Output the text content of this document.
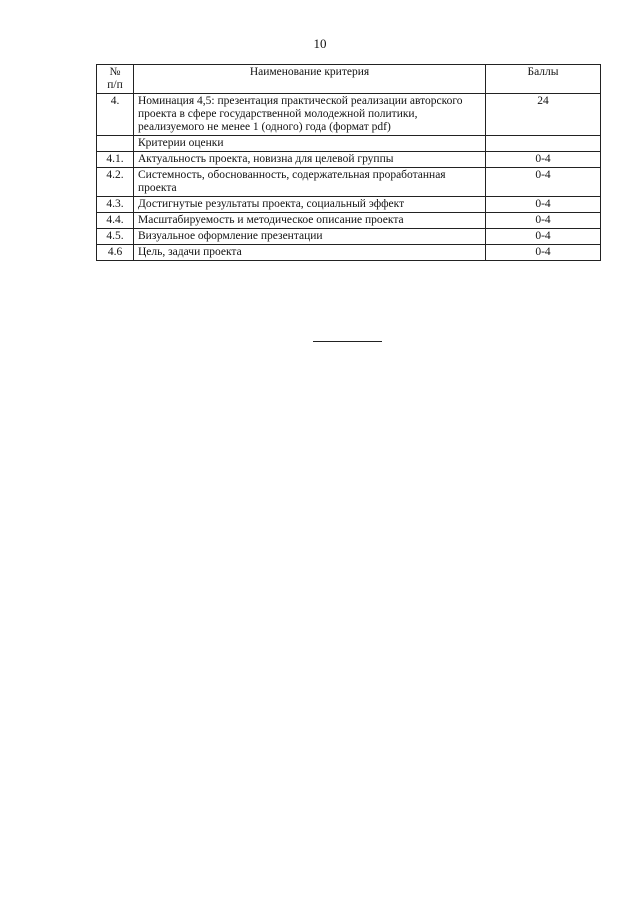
10
№
п/п	Наименование критерия	Баллы
4.	Номинация 4,5: презентация практической реализации авторского проекта в сфере государственной молодежной политики, реализуемого не менее 1 (одного) года (формат pdf)	24
	Критерии оценки	
4.1.	Актуальность проекта, новизна для целевой группы	0-4
4.2.	Системность, обоснованность, содержательная проработанная проекта	0-4
4.3.	Достигнутые результаты проекта, социальный эффект	0-4
4.4.	Масштабируемость и методическое описание проекта	0-4
4.5.	Визуальное оформление презентации	0-4
4.6	Цель, задачи проекта	0-4
